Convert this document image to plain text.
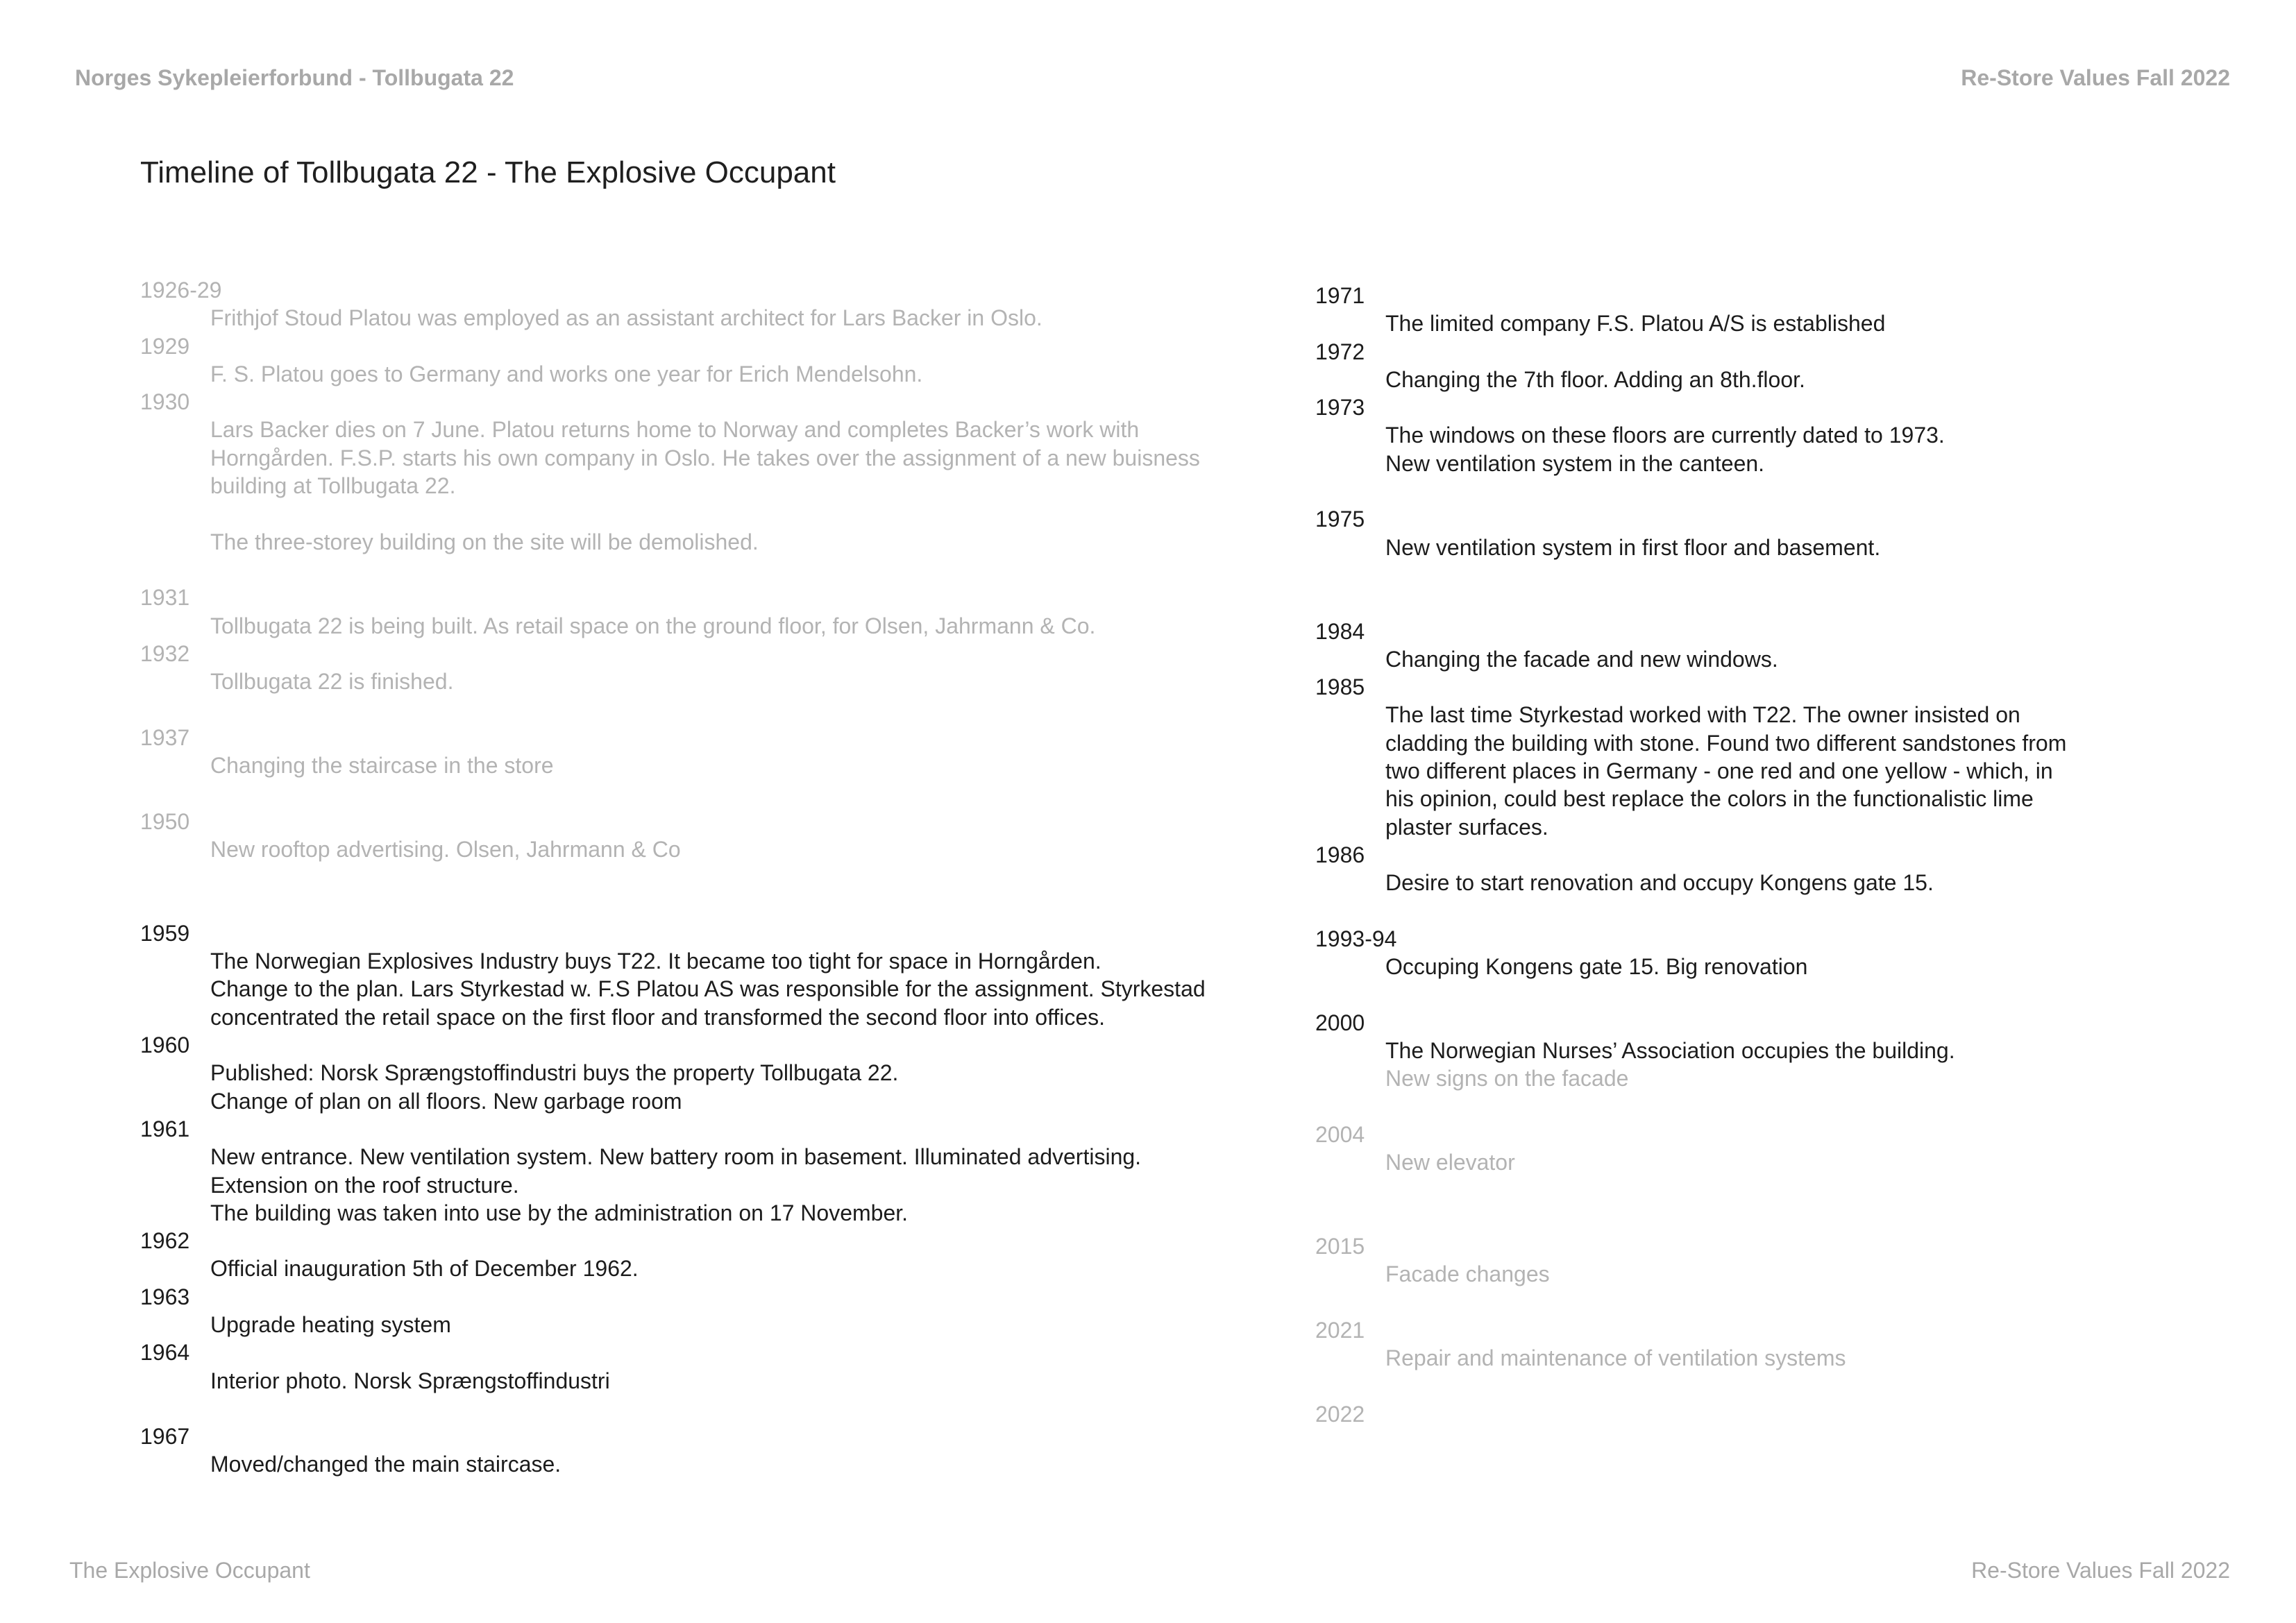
Norges Sykepleierforbund - Tollbugata 22	Re-Store Values Fall 2022
Timeline of Tollbugata 22 - The Explosive Occupant
1926-29
Frithjof Stoud Platou was employed as an assistant architect for Lars Backer in Oslo.
1929
F. S. Platou goes to Germany and works one year for Erich Mendelsohn.
1930
Lars Backer dies on 7 June. Platou returns home to Norway and completes Backer’s work with
Horngården. F.S.P. starts his own company in Oslo. He takes over the assignment of a new buisness
building at Tollbugata 22.
The three-storey building on the site will be demolished.
1931
Tollbugata 22 is being built. As retail space on the ground floor, for Olsen, Jahrmann & Co.
1932
Tollbugata 22 is finished.
1937
Changing the staircase in the store
1950
New rooftop advertising. Olsen, Jahrmann & Co
1959
The Norwegian Explosives Industry buys T22. It became too tight for space in Horngården.
Change to the plan. Lars Styrkestad w. F.S Platou AS was responsible for the assignment. Styrkestad
concentrated the retail space on the first floor and transformed the second floor into offices.
1960
Published: Norsk Sprængstoffindustri buys the property Tollbugata 22.
Change of plan on all floors. New garbage room
1961
New entrance. New ventilation system. New battery room in basement. Illuminated advertising.
Extension on the roof structure.
The building was taken into use by the administration on 17 November.
1962
Official inauguration 5th of December 1962.
1963
Upgrade heating system
1964
Interior photo. Norsk Sprængstoffindustri
1967
Moved/changed the main staircase.
1971
The limited company F.S. Platou A/S is established
1972
Changing the 7th floor. Adding an 8th.floor.
1973
The windows on these floors are currently dated to 1973.
New ventilation system in the canteen.
1975
New ventilation system in first floor and basement.
1984
Changing the facade and new windows.
1985
The last time Styrkestad worked with T22. The owner insisted on
cladding the building with stone. Found two different sandstones from
two different places in Germany - one red and one yellow - which, in
his opinion, could best replace the colors in the functionalistic lime
plaster surfaces.
1986
Desire to start renovation and occupy Kongens gate 15.
1993-94
Occuping Kongens gate 15. Big renovation
2000
The Norwegian Nurses’ Association occupies the building.
New signs on the facade
2004
New elevator
2015
Facade changes
2021
Repair and maintenance of ventilation systems
2022
The Explosive Occupant	Re-Store Values Fall 2022
